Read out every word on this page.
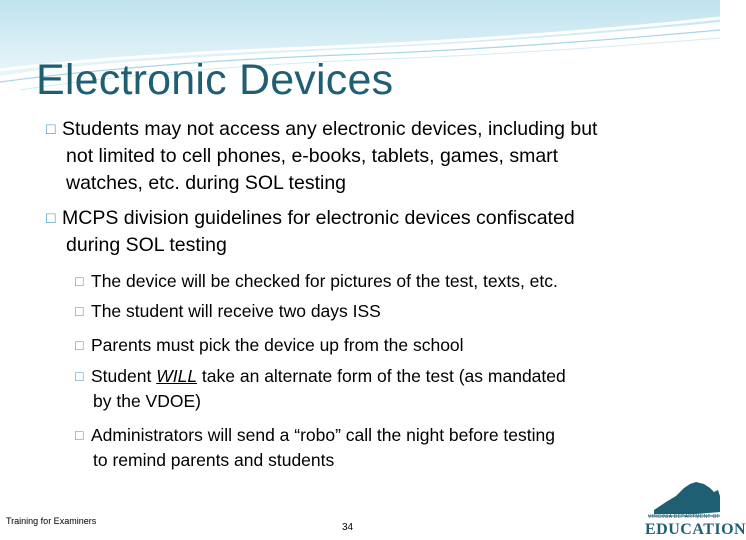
Electronic Devices

□ Students may not access any electronic devices, including but

not limited to cell phones, e-books, tablets, games, smart

watches, etc. during SOL testing

□ MCPS division guidelines for electronic devices confiscated

during SOL testing

□ The device will be checked for pictures of the test, texts, etc.

□ The student will receive two days ISS

□ Parents must pick the device up from the school

□ Student WILL take an alternate form of the test (as mandated

by the VDOE)

□ Administrators will send a “robo” call the night before testing

to remind parents and students

Training for Examiners
34
VIRGINIA DEPARTMENT OF
EDUCATION
